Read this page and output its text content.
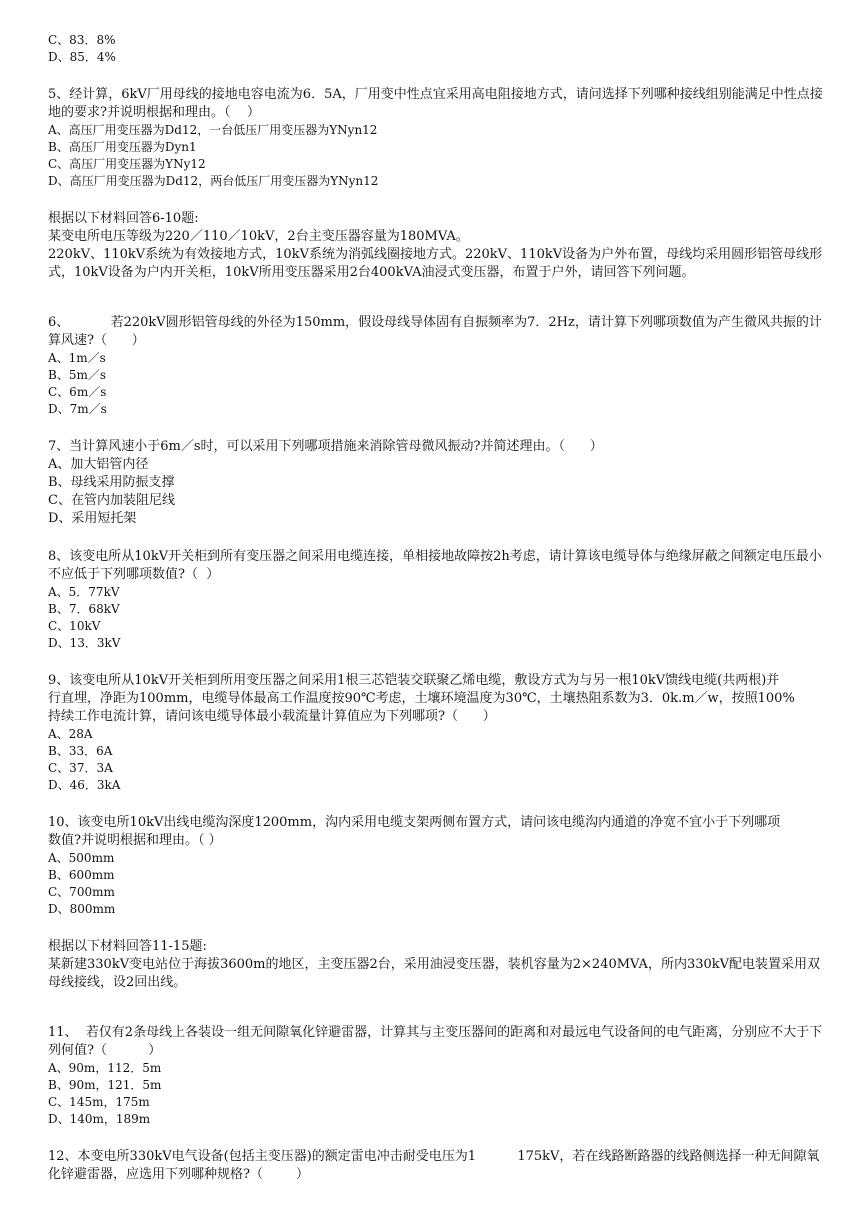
C、83．8%
D、85．4%
5、经计算，6kV厂用母线的接地电容电流为6．5A，厂用变中性点宜采用高电阻接地方式，请问选择下列哪种接线组别能满足中性点接地的要求?并说明根据和理由。（    ）
A、高压厂用变压器为Dd12，一台低压厂用变压器为YNyn12
B、高压厂用变压器为Dyn1
C、高压厂用变压器为YNy12
D、高压厂用变压器为Dd12，两台低压厂用变压器为YNyn12
根据以下材料回答6-10题:
某变电所电压等级为220／110／10kV，2台主变压器容量为180MVA。
220kV、110kV系统为有效接地方式，10kV系统为消弧线圈接地方式。220kV、110kV设备为户外布置，母线均采用圆形铝管母线形式，10kV设备为户内开关柜，10kV所用变压器采用2台400kVA油浸式变压器，布置于户外，请回答下列问题。
6、          若220kV圆形铝管母线的外径为150mm，假设母线导体固有自振频率为7．2Hz，请计算下列哪项数值为产生微风共振的计算风速?（      ）
A、1m／s
B、5m／s
C、6m／s
D、7m／s
7、当计算风速小于6m／s时，可以采用下列哪项措施来消除管母微风振动?并简述理由。（      ）
A、加大铝管内径
B、母线采用防振支撑
C、在管内加装阻尼线
D、采用短托架
8、该变电所从10kV开关柜到所有变压器之间采用电缆连接，单相接地故障按2h考虑，请计算该电缆导体与绝缘屏蔽之间额定电压最小不应低于下列哪项数值?（  ）
A、5．77kV
B、7．68kV
C、10kV
D、13．3kV
9、该变电所从10kV开关柜到所用变压器之间采用1根三芯铠装交联聚乙烯电缆，敷设方式为与另一根10kV馈线电缆(共两根)并            行直埋，净距为100mm，电缆导体最高工作温度按90℃考虑，土壤环境温度为30℃，土壤热阻系数为3．0k.m／w，按照100%          持续工作电流计算，请问该电缆导体最小载流量计算值应为下列哪项?（      ）
A、28A
B、33．6A
C、37．3A
D、46．3kA
10、该变电所10kV出线电缆沟深度1200mm，沟内采用电缆支架两侧布置方式，请问该电缆沟内通道的净宽不宜小于下列哪项         数值?并说明根据和理由。（ ）
A、500mm
B、600mm
C、700mm
D、800mm
根据以下材料回答11-15题:
某新建330kV变电站位于海拔3600m的地区，主变压器2台，采用油浸变压器，装机容量为2×240MVA，所内330kV配电装置采用双母线接线，设2回出线。
11、  若仅有2条母线上各装设一组无间隙氧化锌避雷器，计算其与主变压器间的距离和对最远电气设备间的电气距离，分别应不大于下列何值?（          ）
A、90m，112．5m
B、90m，121．5m
C、145m，175m
D、140m，189m
12、本变电所330kV电气设备(包括主变压器)的额定雷电冲击耐受电压为1          175kV，若在线路断路器的线路侧选择一种无间隙氧化锌避雷器，应选用下列哪种规格?（        ）
